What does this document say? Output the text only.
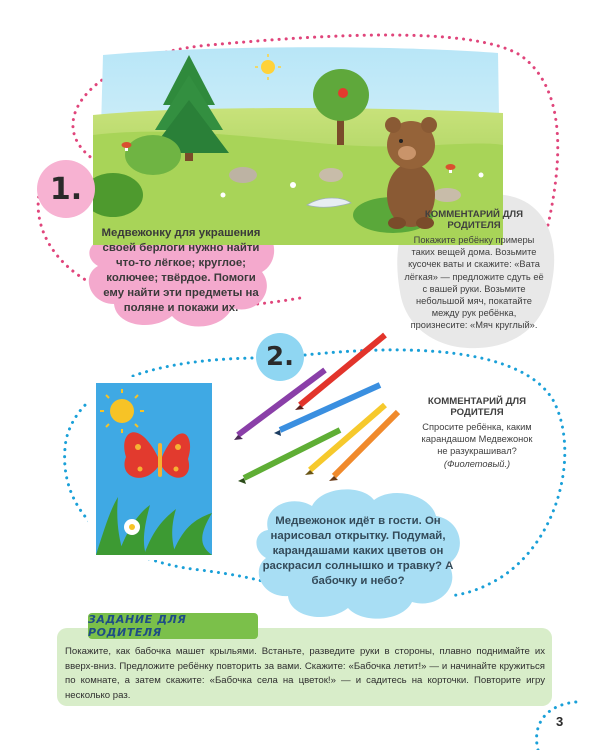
1.
Медвежонку для украшения своей берлоги нужно найти что-то лёгкое; круглое; колючее; твёрдое. Помоги ему найти эти предметы на поляне и покажи их.
КОММЕНТАРИЙ ДЛЯ РОДИТЕЛЯ
Покажите ребёнку примеры таких вещей дома. Возьмите кусочек ваты и скажите: «Вата лёгкая» — предложите сдуть её с вашей руки. Возьмите небольшой мяч, покатайте между рук ребёнка, произнесите: «Мяч круглый».
2.
КОММЕНТАРИЙ ДЛЯ РОДИТЕЛЯ
Спросите ребёнка, каким карандашом Медвежонок не разукрашивал? (Фиолетовый.)
Медвежонок идёт в гости. Он нарисовал открытку. Подумай, карандашами каких цветов он раскрасил солнышко и травку? А бабочку и небо?
ЗАДАНИЕ ДЛЯ РОДИТЕЛЯ
Покажите, как бабочка машет крыльями. Встаньте, разведите руки в стороны, плавно поднимайте их вверх-вниз. Предложите ребёнку повторить за вами. Скажите: «Бабочка летит!» — и начинайте кружиться по комнате, а затем скажите: «Бабочка села на цветок!» — и садитесь на корточки. Повторите игру несколько раз.
3
